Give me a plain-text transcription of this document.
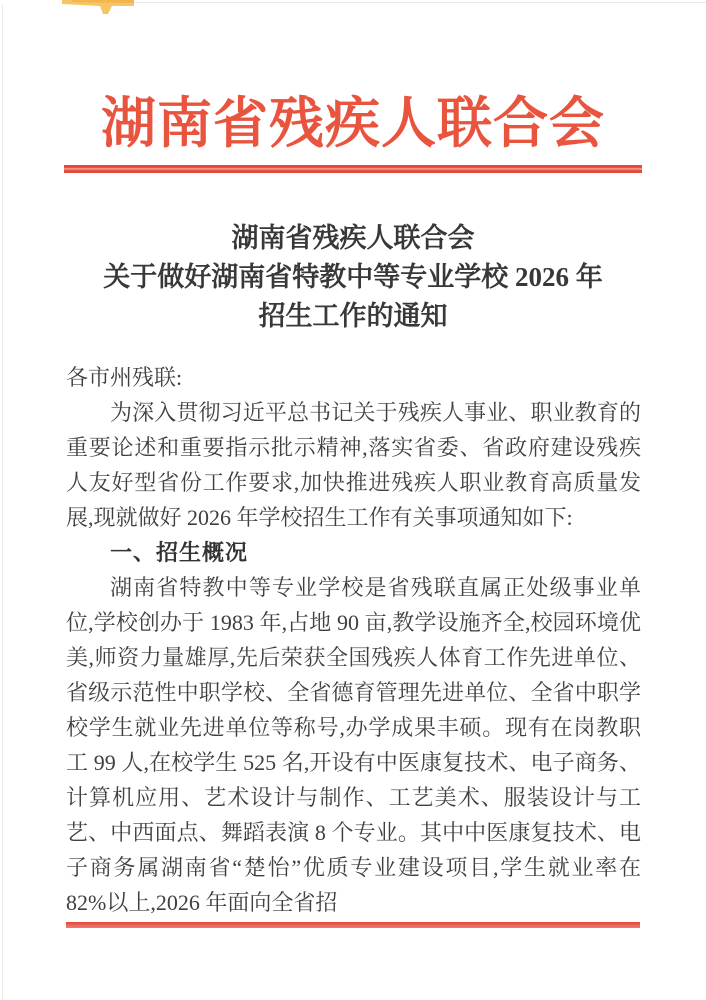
湖南省残疾人联合会
湖南省残疾人联合会
关于做好湖南省特教中等专业学校 2026 年
招生工作的通知

各市州残联:

为深入贯彻习近平总书记关于残疾人事业、职业教育的重要论述和重要指示批示精神,落实省委、省政府建设残疾人友好型省份工作要求,加快推进残疾人职业教育高质量发展,现就做好 2026 年学校招生工作有关事项通知如下:

一、招生概况

湖南省特教中等专业学校是省残联直属正处级事业单位,学校创办于 1983 年,占地 90 亩,教学设施齐全,校园环境优美,师资力量雄厚,先后荣获全国残疾人体育工作先进单位、省级示范性中职学校、全省德育管理先进单位、全省中职学校学生就业先进单位等称号,办学成果丰硕。现有在岗教职工 99 人,在校学生 525 名,开设有中医康复技术、电子商务、计算机应用、艺术设计与制作、工艺美术、服装设计与工艺、中西面点、舞蹈表演 8 个专业。其中中医康复技术、电子商务属湖南省“楚怡”优质专业建设项目,学生就业率在 82%以上,2026 年面向全省招
